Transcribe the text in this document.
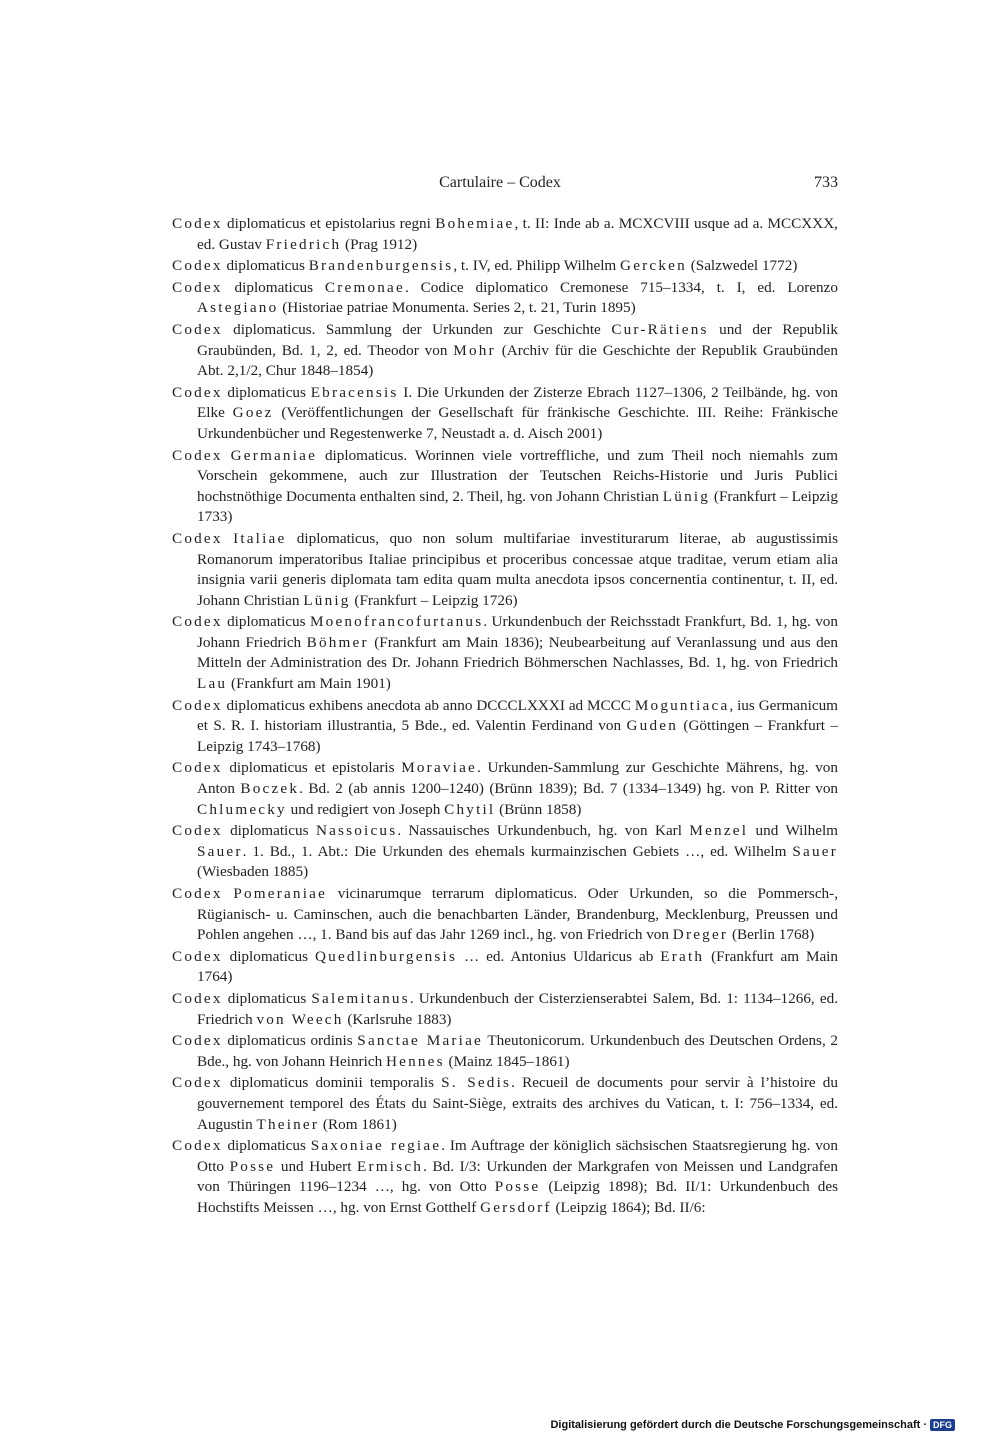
Cartulaire – Codex	733

Codex diplomaticus et epistolarius regni Bohemiae, t. II: Inde ab a. MCXCVIII usque ad a. MCCXXX, ed. Gustav Friedrich (Prag 1912)

Codex diplomaticus Brandenburgensis, t. IV, ed. Philipp Wilhelm Gercken (Salzwedel 1772)

Codex diplomaticus Cremonae. Codice diplomatico Cremonese 715–1334, t. I, ed. Lorenzo Astegiano (Historiae patriae Monumenta. Series 2, t. 21, Turin 1895)

Codex diplomaticus. Sammlung der Urkunden zur Geschichte Cur-Rätiens und der Republik Graubünden, Bd. 1, 2, ed. Theodor von Mohr (Archiv für die Geschichte der Republik Graubünden Abt. 2,1/2, Chur 1848–1854)

Codex diplomaticus Ebracensis I. Die Urkunden der Zisterze Ebrach 1127–1306, 2 Teilbände, hg. von Elke Goez (Veröffentlichungen der Gesellschaft für fränkische Geschichte. III. Reihe: Fränkische Urkundenbücher und Regestenwerke 7, Neustadt a. d. Aisch 2001)

Codex Germaniae diplomaticus. Worinnen viele vortreffliche, und zum Theil noch niemahls zum Vorschein gekommene, auch zur Illustration der Teutschen Reichs-Historie und Juris Publici hochstnöthige Documenta enthalten sind, 2. Theil, hg. von Johann Christian Lünig (Frankfurt – Leipzig 1733)

Codex Italiae diplomaticus, quo non solum multifariae investiturarum literae, ab augustissimis Romanorum imperatoribus Italiae principibus et proceribus concessae atque traditae, verum etiam alia insignia varii generis diplomata tam edita quam multa anecdota ipsos concernentia continentur, t. II, ed. Johann Christian Lünig (Frankfurt – Leipzig 1726)

Codex diplomaticus Moenofrancofurtanus. Urkundenbuch der Reichsstadt Frankfurt, Bd. 1, hg. von Johann Friedrich Böhmer (Frankfurt am Main 1836); Neubearbeitung auf Veranlassung und aus den Mitteln der Administration des Dr. Johann Friedrich Böhmerschen Nachlasses, Bd. 1, hg. von Friedrich Lau (Frankfurt am Main 1901)

Codex diplomaticus exhibens anecdota ab anno DCCCLXXXI ad MCCC Moguntiaca, ius Germanicum et S. R. I. historiam illustrantia, 5 Bde., ed. Valentin Ferdinand von Guden (Göttingen – Frankfurt – Leipzig 1743–1768)

Codex diplomaticus et epistolaris Moraviae. Urkunden-Sammlung zur Geschichte Mährens, hg. von Anton Boczek. Bd. 2 (ab annis 1200–1240) (Brünn 1839); Bd. 7 (1334–1349) hg. von P. Ritter von Chlumecky und redigiert von Joseph Chytil (Brünn 1858)

Codex diplomaticus Nassoicus. Nassauisches Urkundenbuch, hg. von Karl Menzel und Wilhelm Sauer. 1. Bd., 1. Abt.: Die Urkunden des ehemals kurmainzischen Gebiets …, ed. Wilhelm Sauer (Wiesbaden 1885)

Codex Pomeraniae vicinarumque terrarum diplomaticus. Oder Urkunden, so die Pommersch-, Rügianisch- u. Caminschen, auch die benachbarten Länder, Brandenburg, Mecklenburg, Preussen und Pohlen angehen …, 1. Band bis auf das Jahr 1269 incl., hg. von Friedrich von Dreger (Berlin 1768)

Codex diplomaticus Quedlinburgensis … ed. Antonius Uldaricus ab Erath (Frankfurt am Main 1764)

Codex diplomaticus Salemitanus. Urkundenbuch der Cisterzienserabtei Salem, Bd. 1: 1134–1266, ed. Friedrich von Weech (Karlsruhe 1883)

Codex diplomaticus ordinis Sanctae Mariae Theutonicorum. Urkundenbuch des Deutschen Ordens, 2 Bde., hg. von Johann Heinrich Hennes (Mainz 1845–1861)

Codex diplomaticus dominii temporalis S. Sedis. Recueil de documents pour servir à l’histoire du gouvernement temporel des États du Saint-Siège, extraits des archives du Vatican, t. I: 756–1334, ed. Augustin Theiner (Rom 1861)

Codex diplomaticus Saxoniae regiae. Im Auftrage der königlich sächsischen Staatsregierung hg. von Otto Posse und Hubert Ermisch. Bd. I/3: Urkunden der Markgrafen von Meissen und Landgrafen von Thüringen 1196–1234 …, hg. von Otto Posse (Leipzig 1898); Bd. II/1: Urkundenbuch des Hochstifts Meissen …, hg. von Ernst Gotthelf Gersdorf (Leipzig 1864); Bd. II/6:

Digitalisierung gefördert durch die Deutsche Forschungsgemeinschaft · DFG
